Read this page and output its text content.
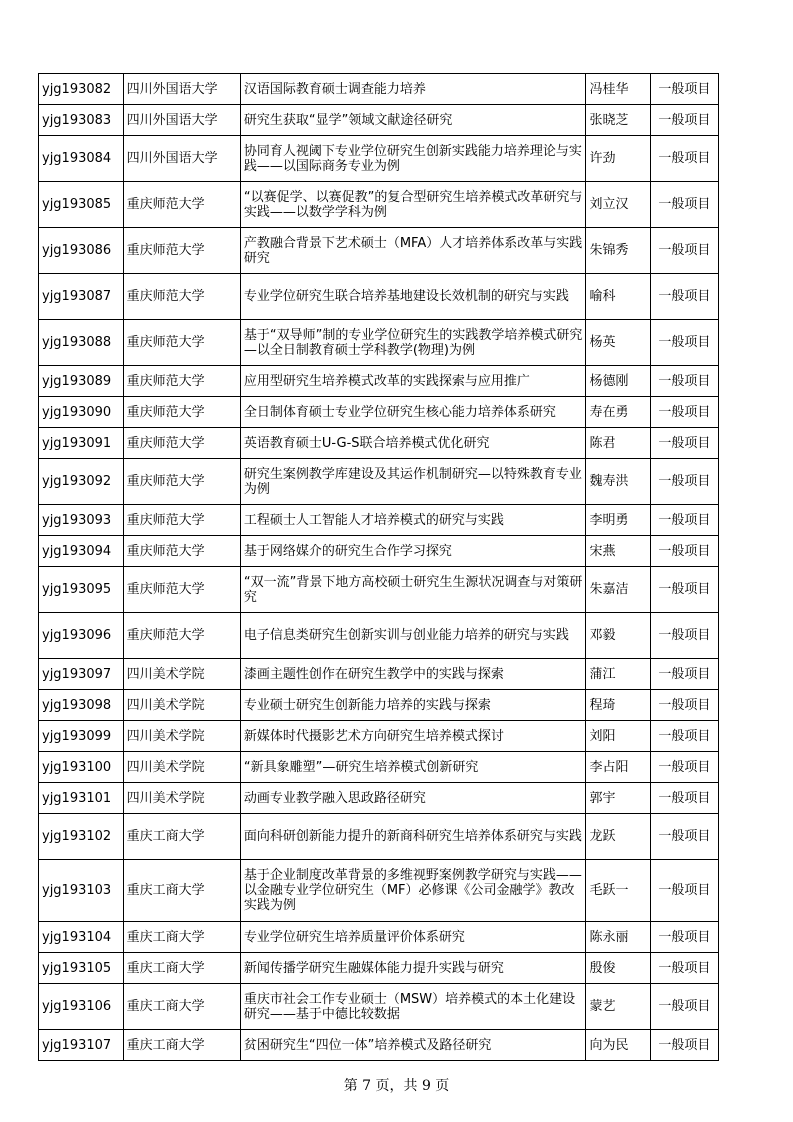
yjg193082	四川外国语大学	汉语国际教育硕士调查能力培养	冯桂华	一般项目
yjg193083	四川外国语大学	研究生获取“显学”领域文献途径研究	张晓芝	一般项目
yjg193084	四川外国语大学	协同育人视阈下专业学位研究生创新实践能力培养理论与实践——以国际商务专业为例	许劲	一般项目
yjg193085	重庆师范大学	“以赛促学、以赛促教”的复合型研究生培养模式改革研究与实践——以数学学科为例	刘立汉	一般项目
yjg193086	重庆师范大学	产教融合背景下艺术硕士（MFA）人才培养体系改革与实践研究	朱锦秀	一般项目
yjg193087	重庆师范大学	专业学位研究生联合培养基地建设长效机制的研究与实践	喻科	一般项目
yjg193088	重庆师范大学	基于“双导师”制的专业学位研究生的实践教学培养模式研究—以全日制教育硕士学科教学(物理)为例	杨英	一般项目
yjg193089	重庆师范大学	应用型研究生培养模式改革的实践探索与应用推广	杨德刚	一般项目
yjg193090	重庆师范大学	全日制体育硕士专业学位研究生核心能力培养体系研究	寿在勇	一般项目
yjg193091	重庆师范大学	英语教育硕士U-G-S联合培养模式优化研究	陈君	一般项目
yjg193092	重庆师范大学	研究生案例教学库建设及其运作机制研究—以特殊教育专业为例	魏寿洪	一般项目
yjg193093	重庆师范大学	工程硕士人工智能人才培养模式的研究与实践	李明勇	一般项目
yjg193094	重庆师范大学	基于网络媒介的研究生合作学习探究	宋燕	一般项目
yjg193095	重庆师范大学	“双一流”背景下地方高校硕士研究生生源状况调查与对策研究	朱嘉洁	一般项目
yjg193096	重庆师范大学	电子信息类研究生创新实训与创业能力培养的研究与实践	邓毅	一般项目
yjg193097	四川美术学院	漆画主题性创作在研究生教学中的实践与探索	蒲江	一般项目
yjg193098	四川美术学院	专业硕士研究生创新能力培养的实践与探索	程琦	一般项目
yjg193099	四川美术学院	新媒体时代摄影艺术方向研究生培养模式探讨	刘阳	一般项目
yjg193100	四川美术学院	“新具象雕塑”—研究生培养模式创新研究	李占阳	一般项目
yjg193101	四川美术学院	动画专业教学融入思政路径研究	郭宇	一般项目
yjg193102	重庆工商大学	面向科研创新能力提升的新商科研究生培养体系研究与实践	龙跃	一般项目
yjg193103	重庆工商大学	基于企业制度改革背景的多维视野案例教学研究与实践——以金融专业学位研究生（MF）必修课《公司金融学》教改实践为例	毛跃一	一般项目
yjg193104	重庆工商大学	专业学位研究生培养质量评价体系研究	陈永丽	一般项目
yjg193105	重庆工商大学	新闻传播学研究生融媒体能力提升实践与研究	殷俊	一般项目
yjg193106	重庆工商大学	重庆市社会工作专业硕士（MSW）培养模式的本土化建设研究——基于中德比较数据	蒙艺	一般项目
yjg193107	重庆工商大学	贫困研究生“四位一体”培养模式及路径研究	向为民	一般项目
第 7 页，共 9 页
